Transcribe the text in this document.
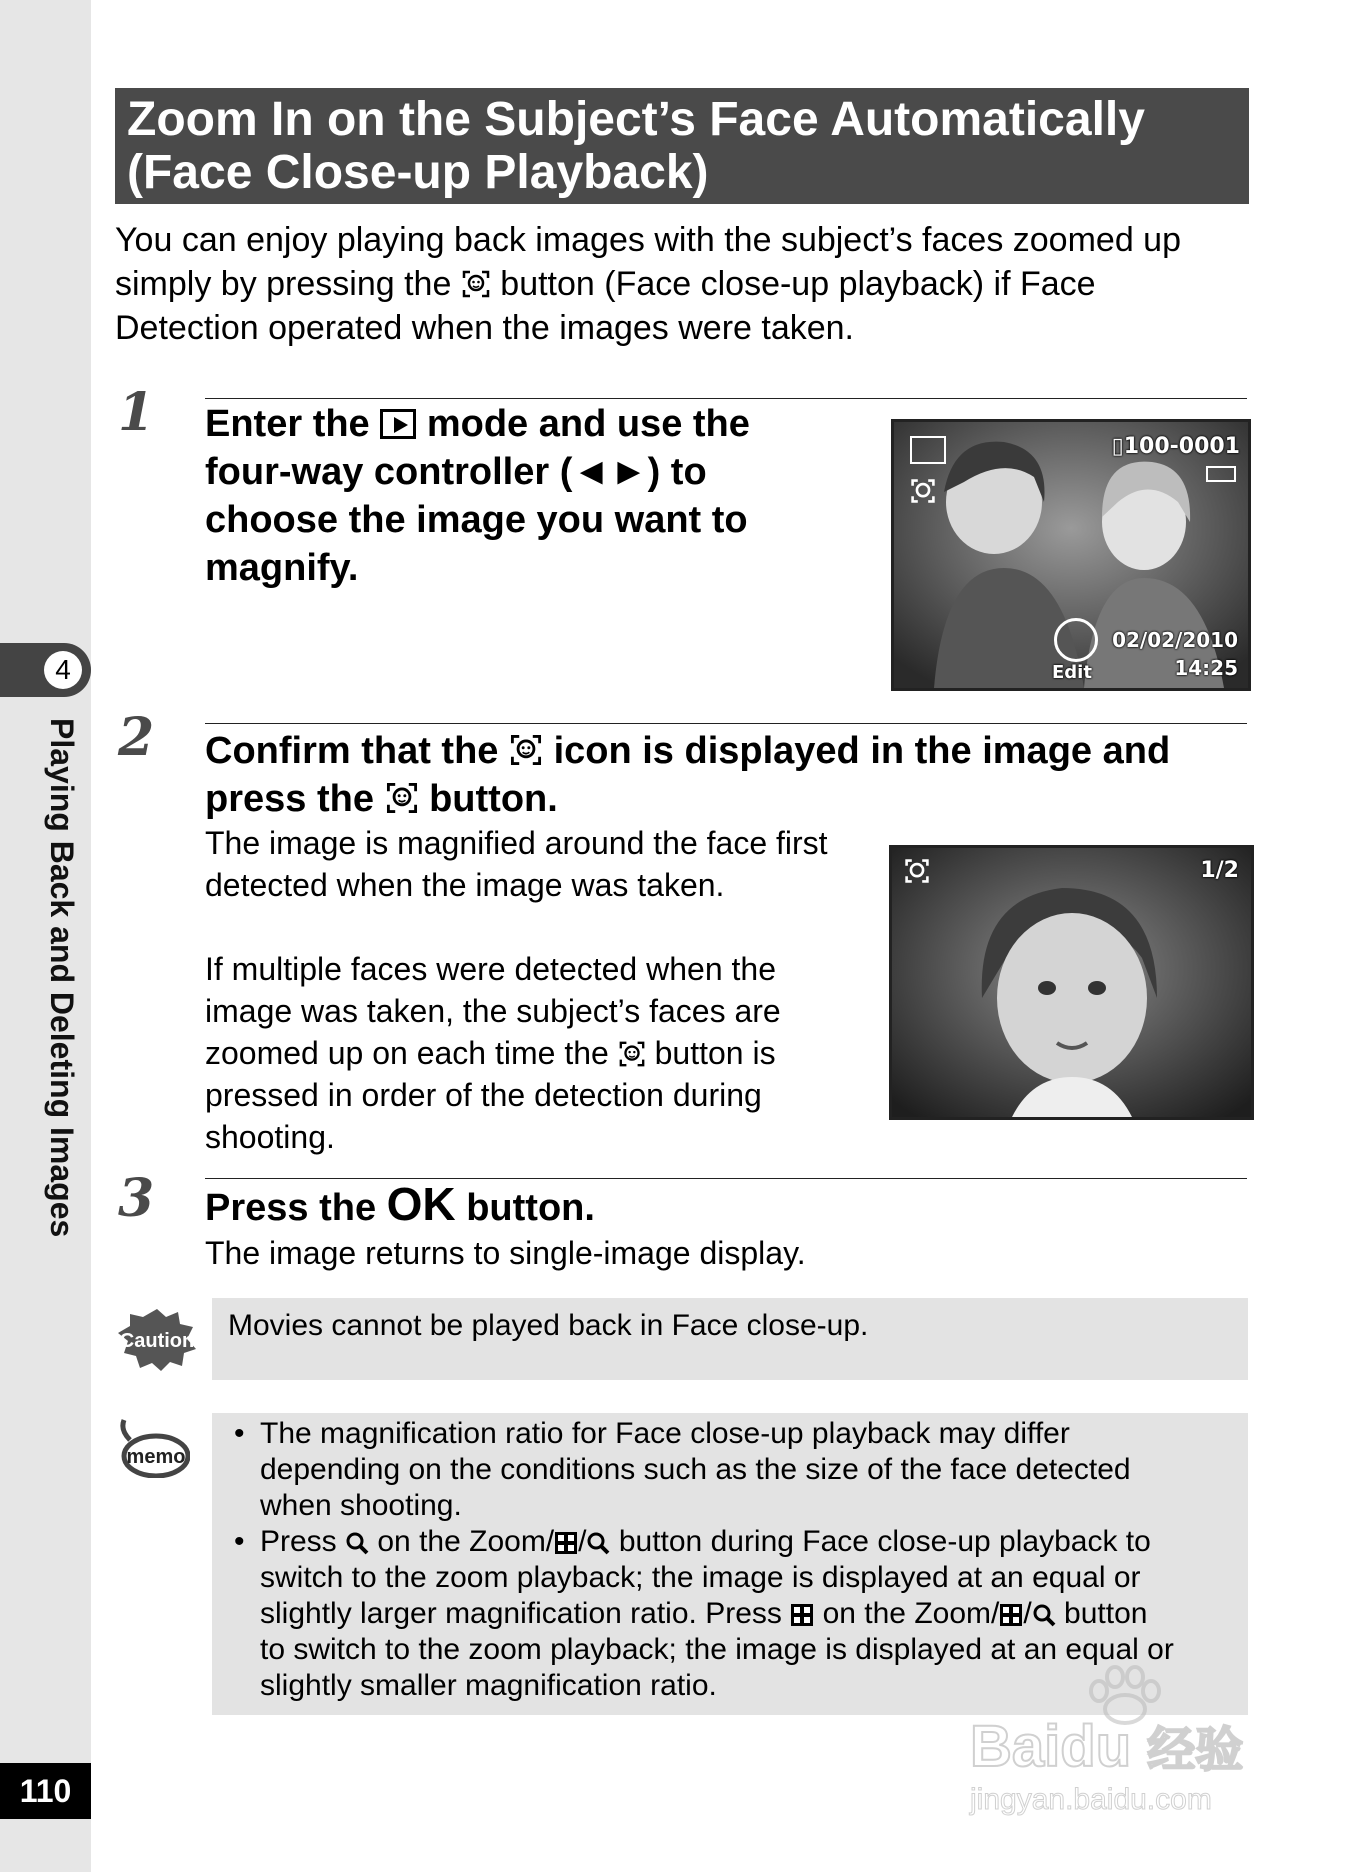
4
Playing Back and Deleting Images
110
Zoom In on the Subject’s Face Automatically
(Face Close-up Playback)
You can enjoy playing back images with the subject’s faces zoomed up
simply by pressing the button (Face close-up playback) if Face
Detection operated when the images were taken.
1 Enter the mode and use the
four-way controller (◄►) to
choose the image you want to
magnify.
▯100-0001
Edit
02/02/2010
14:25
2 Confirm that the icon is displayed in the image and
press the button.
The image is magnified around the face first
detected when the image was taken.
If multiple faces were detected when the
image was taken, the subject’s faces are
zoomed up on each time the button is
pressed in order of the detection during
shooting.
1/2
3 Press the OK button.
The image returns to single-image display.
Caution Movies cannot be played back in Face close-up.
memo
• The magnification ratio for Face close-up playback may differ
depending on the conditions such as the size of the face detected
when shooting.
• Press on the Zoom/ / button during Face close-up playback to
switch to the zoom playback; the image is displayed at an equal or
slightly larger magnification ratio. Press on the Zoom/ / button
to switch to the zoom playback; the image is displayed at an equal or
slightly smaller magnification ratio.
Baidu 经验
jingyan.baidu.com
